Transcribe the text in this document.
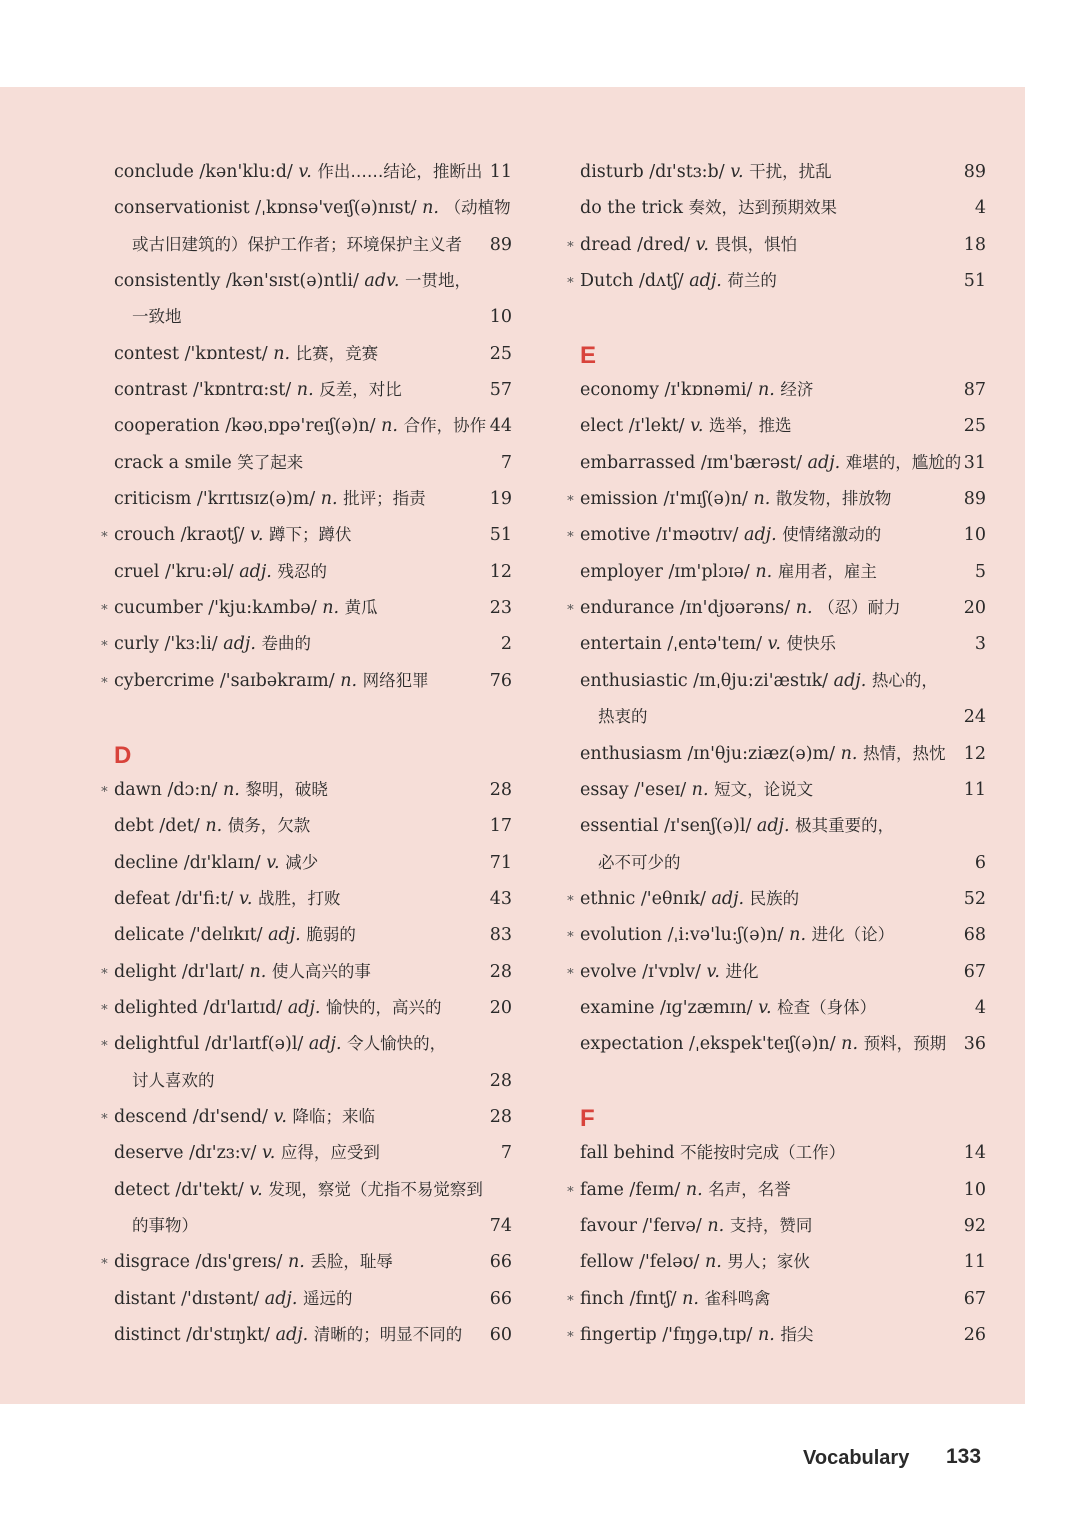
conclude /kən'klu:d/ v. 作出……结论，推断出 11
conservationist /ˌkɒnsə'veɪʃ(ə)nɪst/ n. （动植物
或古旧建筑的）保护工作者；环境保护主义者 89
consistently /kən'sɪst(ə)ntli/ adv. 一贯地，
一致地	10
contest /'kɒntest/ n. 比赛，竞赛	25
contrast /'kɒntrɑ:st/ n. 反差，对比	57
cooperation /kəʊˌɒpə'reɪʃ(ə)n/ n. 合作，协作 44
crack a smile 笑了起来	7
criticism /'krɪtɪsɪz(ə)m/ n. 批评；指责	19
∗ crouch /kraʊtʃ/ v. 蹲下；蹲伏	51
cruel /'kru:əl/ adj. 残忍的	12
∗ cucumber /'kju:kʌmbə/ n. 黄瓜	23
∗ curly /'kɜ:li/ adj. 卷曲的	2
∗ cybercrime /'saɪbəkraɪm/ n. 网络犯罪	76
D
∗ dawn /dɔ:n/ n. 黎明，破晓	28
debt /det/ n. 债务，欠款	17
decline /dɪ'klaɪn/ v. 减少	71
defeat /dɪ'fi:t/ v. 战胜，打败	43
delicate /'delɪkɪt/ adj. 脆弱的	83
∗ delight /dɪ'laɪt/ n. 使人高兴的事	28
∗ delighted /dɪ'laɪtɪd/ adj. 愉快的，高兴的	20
∗ delightful /dɪ'laɪtf(ə)l/ adj. 令人愉快的，
讨人喜欢的	28
∗ descend /dɪ'send/ v. 降临；来临	28
deserve /dɪ'zɜ:v/ v. 应得，应受到	7
detect /dɪ'tekt/ v. 发现，察觉（尤指不易觉察到
的事物）	74
∗ disgrace /dɪs'greɪs/ n. 丢脸，耻辱	66
distant /'dɪstənt/ adj. 遥远的	66
distinct /dɪ'stɪŋkt/ adj. 清晰的；明显不同的 60
disturb /dɪ'stɜ:b/ v. 干扰，扰乱	89
do the trick 奏效，达到预期效果	4
∗ dread /dred/ v. 畏惧，惧怕	18
∗ Dutch /dʌtʃ/ adj. 荷兰的	51
E
economy /ɪ'kɒnəmi/ n. 经济	87
elect /ɪ'lekt/ v. 选举，推选	25
embarrassed /ɪm'bærəst/ adj. 难堪的，尴尬的 31
∗ emission /ɪ'mɪʃ(ə)n/ n. 散发物，排放物	89
∗ emotive /ɪ'məʊtɪv/ adj. 使情绪激动的	10
employer /ɪm'plɔɪə/ n. 雇用者，雇主	5
∗ endurance /ɪn'djʊərəns/ n. （忍）耐力	20
entertain /ˌentə'teɪn/ v. 使快乐	3
enthusiastic /ɪnˌθju:zi'æstɪk/ adj. 热心的，
热衷的	24
enthusiasm /ɪn'θju:ziæz(ə)m/ n. 热情，热忱 12
essay /'eseɪ/ n. 短文，论说文	11
essential /ɪ'senʃ(ə)l/ adj. 极其重要的，
必不可少的	6
∗ ethnic /'eθnɪk/ adj. 民族的	52
∗ evolution /ˌi:və'lu:ʃ(ə)n/ n. 进化（论）	68
∗ evolve /ɪ'vɒlv/ v. 进化	67
examine /ɪɡ'zæmɪn/ v. 检查（身体）	4
expectation /ˌekspek'teɪʃ(ə)n/ n. 预料，预期 36
F
fall behind 不能按时完成（工作）	14
∗ fame /feɪm/ n. 名声，名誉	10
favour /'feɪvə/ n. 支持，赞同	92
fellow /'feləʊ/ n. 男人；家伙	11
∗ finch /fɪntʃ/ n. 雀科鸣禽	67
∗ fingertip /'fɪŋɡəˌtɪp/ n. 指尖	26
Vocabulary 133
